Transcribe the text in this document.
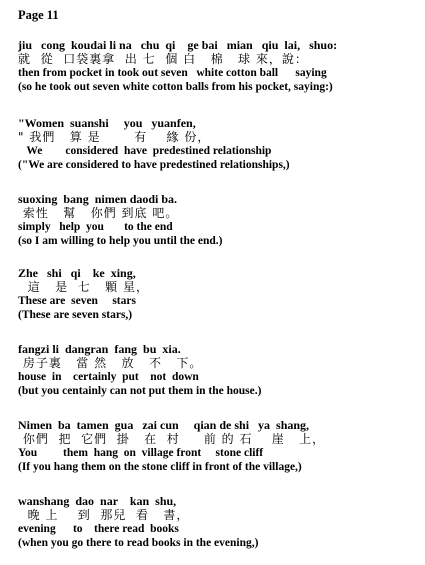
Page 11
jiu   cong  koudai li na   chu  qi    ge bai   mian   qiu  lai,   shuo:
就  從  口袋裏拿  出 七  個 白   棉   球 來，說：
then from pocket in took out seven   white cotton ball      saying
(so he took out seven white cotton balls from his pocket, saying:)
"Women  suanshi     you   yuanfen,
" 我們   算 是       有    緣 份，
We        considered  have  predestined relationship
("We are considered to have predestined relationships,)
suoxing  bang  nimen daodi ba.
索性   幫   你們 到底 吧。
simply   help  you       to the end
(so I am willing to help you until the end.)
Zhe   shi   qi    ke  xing,
這   是  七   顆 星，
These are  seven     stars
(These are seven stars,)
fangzi li  dangran  fang  bu  xia.
房子裏   當 然   放   不   下。
house  in    certainly  put    not  down
(but you centainly can not put them in the house.)
Nimen  ba  tamen  gua   zai cun     qian de shi   ya  shang,
你們  把  它們  掛   在  村     前 的 石    崖   上，
You         them  hang  on  village front     stone cliff
(If you hang them on the stone cliff in front of the village,)
wanshang  dao  nar    kan  shu,
晚 上    到  那兒  看   書，
evening      to    there read  books
(when you go there to read books in the evening,)
